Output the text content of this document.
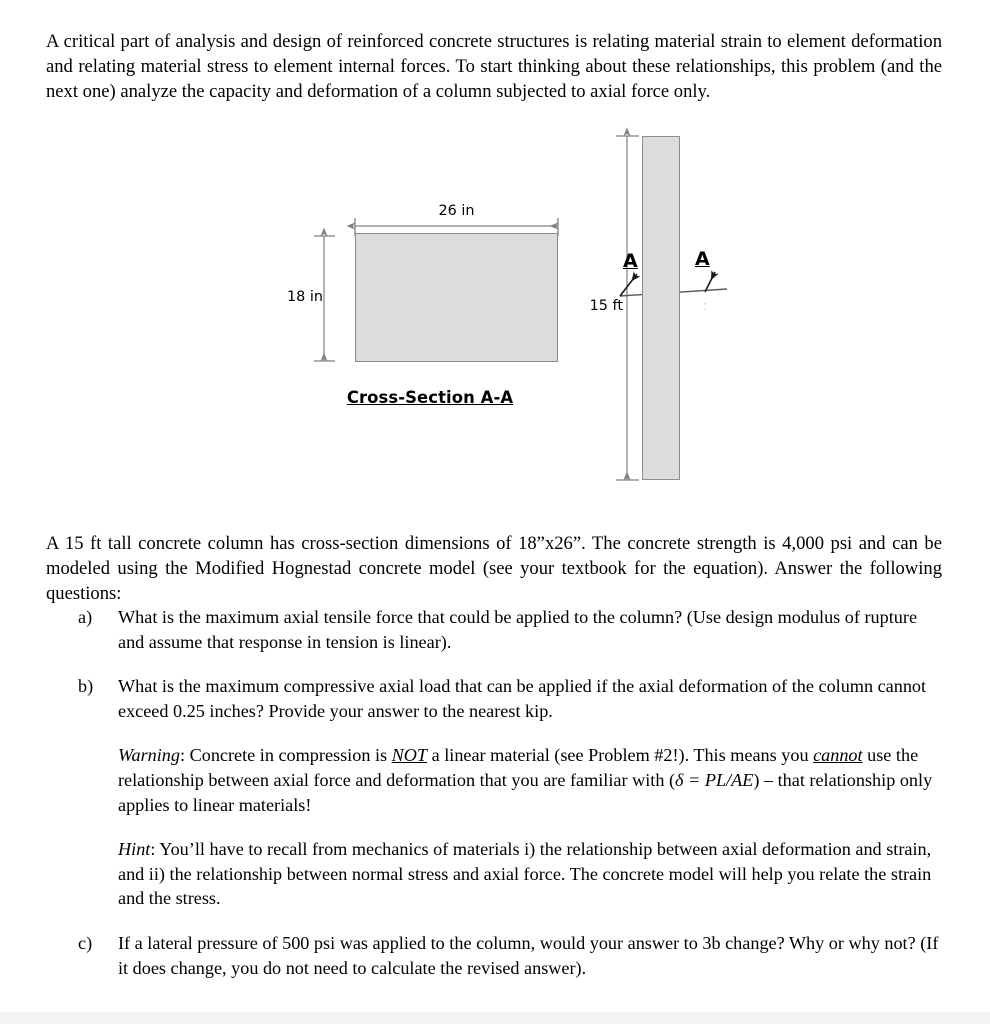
A critical part of analysis and design of reinforced concrete structures is relating material strain to element deformation and relating material stress to element internal forces. To start thinking about these relationships, this problem (and the next one) analyze the capacity and deformation of a column subjected to axial force only.

26 in
18 in
Cross-Section A-A
15 ft
A	A
:

A 15 ft tall concrete column has cross-section dimensions of 18”x26”. The concrete strength is 4,000 psi and can be modeled using the Modified Hognestad concrete model (see your textbook for the equation). Answer the following questions:

a)	What is the maximum axial tensile force that could be applied to the column? (Use design modulus of rupture and assume that response in tension is linear).
b)	What is the maximum compressive axial load that can be applied if the axial deformation of the column cannot exceed 0.25 inches? Provide your answer to the nearest kip.
Warning: Concrete in compression is NOT a linear material (see Problem #2!). This means you cannot use the relationship between axial force and deformation that you are familiar with (δ = PL/AE) – that relationship only applies to linear materials!
Hint: You’ll have to recall from mechanics of materials i) the relationship between axial deformation and strain, and ii) the relationship between normal stress and axial force. The concrete model will help you relate the strain and the stress.
c)	If a lateral pressure of 500 psi was applied to the column, would your answer to 3b change? Why or why not? (If it does change, you do not need to calculate the revised answer).
